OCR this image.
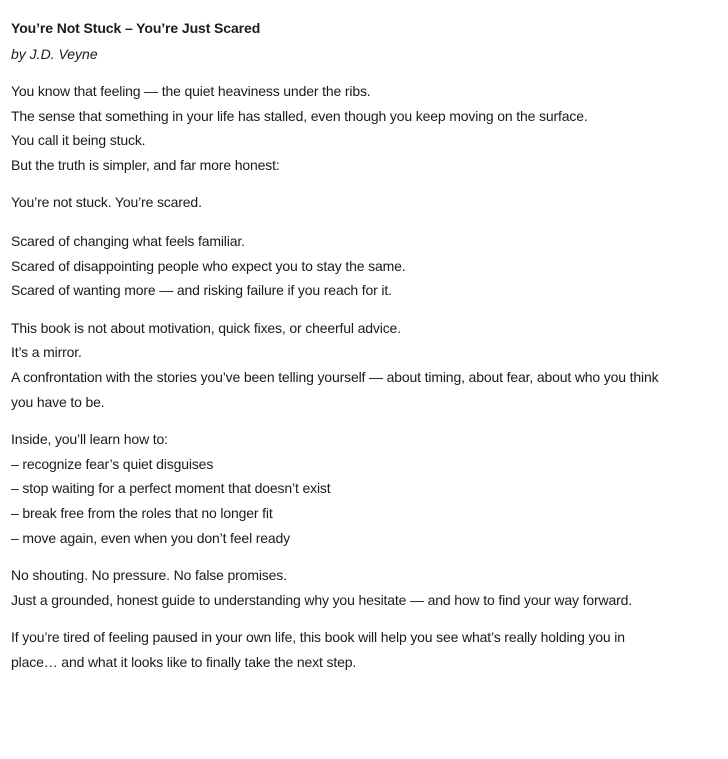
You’re Not Stuck – You’re Just Scared
by J.D. Veyne
You know that feeling — the quiet heaviness under the ribs.
The sense that something in your life has stalled, even though you keep moving on the surface.
You call it being stuck.
But the truth is simpler, and far more honest:
You’re not stuck. You’re scared.
Scared of changing what feels familiar.
Scared of disappointing people who expect you to stay the same.
Scared of wanting more — and risking failure if you reach for it.
This book is not about motivation, quick fixes, or cheerful advice.
It’s a mirror.
A confrontation with the stories you’ve been telling yourself — about timing, about fear, about who you think you have to be.
Inside, you’ll learn how to:
– recognize fear’s quiet disguises
– stop waiting for a perfect moment that doesn’t exist
– break free from the roles that no longer fit
– move again, even when you don’t feel ready
No shouting. No pressure. No false promises.
Just a grounded, honest guide to understanding why you hesitate — and how to find your way forward.
If you’re tired of feeling paused in your own life, this book will help you see what’s really holding you in place… and what it looks like to finally take the next step.
